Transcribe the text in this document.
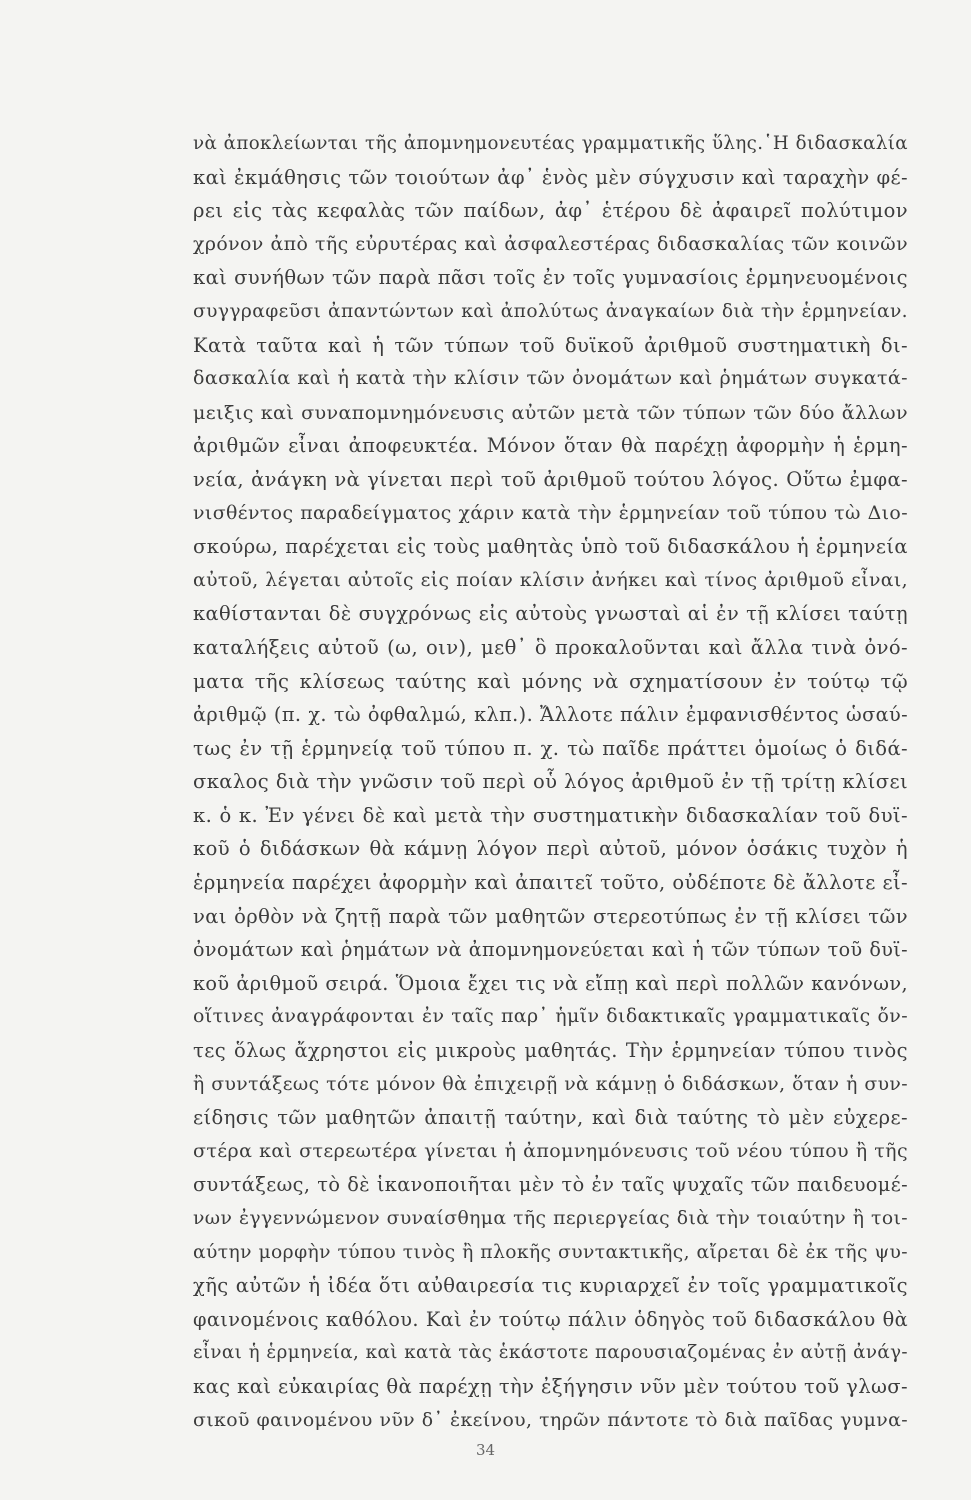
νὰ ἀποκλείωνται τῆς ἀπομνημονευτέας γραμματικῆς ὕλης.῾Η διδασκαλία
καὶ ἐκμάθησις τῶν τοιούτων ἀφ᾽ ἑνὸς μὲν σύγχυσιν καὶ ταραχὴν φέ-
ρει εἰς τὰς κεφαλὰς τῶν παίδων, ἀφ᾽ ἑτέρου δὲ ἀφαιρεῖ πολύτιμον
χρόνον ἀπὸ τῆς εὐρυτέρας καὶ ἀσφαλεστέρας διδασκαλίας τῶν κοινῶν
καὶ συνήθων τῶν παρὰ πᾶσι τοῖς ἐν τοῖς γυμνασίοις ἑρμηνευομένοις
συγγραφεῦσι ἀπαντώντων καὶ ἀπολύτως ἀναγκαίων διὰ τὴν ἑρμηνείαν.
Κατὰ ταῦτα καὶ ἡ τῶν τύπων τοῦ δυϊκοῦ ἀριθμοῦ συστηματικὴ δι-
δασκαλία καὶ ἡ κατὰ τὴν κλίσιν τῶν ὀνομάτων καὶ ῥημάτων συγκατά-
μειξις καὶ συναπομνημόνευσις αὐτῶν μετὰ τῶν τύπων τῶν δύο ἄλλων
ἀριθμῶν εἶναι ἀποφευκτέα. Μόνον ὅταν θὰ παρέχῃ ἀφορμὴν ἡ ἑρμη-
νεία, ἀνάγκη νὰ γίνεται περὶ τοῦ ἀριθμοῦ τούτου λόγος. Οὕτω ἐμφα-
νισθέντος παραδείγματος χάριν κατὰ τὴν ἑρμηνείαν τοῦ τύπου τὼ Διο-
σκούρω, παρέχεται εἰς τοὺς μαθητὰς ὑπὸ τοῦ διδασκάλου ἡ ἑρμηνεία
αὐτοῦ, λέγεται αὐτοῖς εἰς ποίαν κλίσιν ἀνήκει καὶ τίνος ἀριθμοῦ εἶναι,
καθίστανται δὲ συγχρόνως εἰς αὐτοὺς γνωσταὶ αἱ ἐν τῇ κλίσει ταύτῃ
καταλήξεις αὐτοῦ (ω, οιν), μεθ᾽ ὃ προκαλοῦνται καὶ ἄλλα τινὰ ὀνό-
ματα τῆς κλίσεως ταύτης καὶ μόνης νὰ σχηματίσουν ἐν τούτῳ τῷ
ἀριθμῷ (π. χ. τὼ ὀφθαλμώ, κλπ.). Ἄλλοτε πάλιν ἐμφανισθέντος ὡσαύ-
τως ἐν τῇ ἑρμηνείᾳ τοῦ τύπου π. χ. τὼ παῖδε πράττει ὁμοίως ὁ διδά-
σκαλος διὰ τὴν γνῶσιν τοῦ περὶ οὗ λόγος ἀριθμοῦ ἐν τῇ τρίτῃ κλίσει
κ. ὁ κ. Ἐν γένει δὲ καὶ μετὰ τὴν συστηματικὴν διδασκαλίαν τοῦ δυϊ-
κοῦ ὁ διδάσκων θὰ κάμνῃ λόγον περὶ αὐτοῦ, μόνον ὁσάκις τυχὸν ἡ
ἑρμηνεία παρέχει ἀφορμὴν καὶ ἀπαιτεῖ τοῦτο, οὐδέποτε δὲ ἄλλοτε εἶ-
ναι ὀρθὸν νὰ ζητῇ παρὰ τῶν μαθητῶν στερεοτύπως ἐν τῇ κλίσει τῶν
ὀνομάτων καὶ ῥημάτων νὰ ἀπομνημονεύεται καὶ ἡ τῶν τύπων τοῦ δυϊ-
κοῦ ἀριθμοῦ σειρά. Ὅμοια ἔχει τις νὰ εἴπῃ καὶ περὶ πολλῶν κανόνων,
οἵτινες ἀναγράφονται ἐν ταῖς παρ᾽ ἡμῖν διδακτικαῖς γραμματικαῖς ὄν-
τες ὅλως ἄχρηστοι εἰς μικροὺς μαθητάς. Τὴν ἑρμηνείαν τύπου τινὸς
ἢ συντάξεως τότε μόνον θὰ ἐπιχειρῇ νὰ κάμνῃ ὁ διδάσκων, ὅταν ἡ συν-
είδησις τῶν μαθητῶν ἀπαιτῇ ταύτην, καὶ διὰ ταύτης τὸ μὲν εὐχερε-
στέρα καὶ στερεωτέρα γίνεται ἡ ἀπομνημόνευσις τοῦ νέου τύπου ἢ τῆς
συντάξεως, τὸ δὲ ἱκανοποιῆται μὲν τὸ ἐν ταῖς ψυχαῖς τῶν παιδευομέ-
νων ἐγγεννώμενον συναίσθημα τῆς περιεργείας διὰ τὴν τοιαύτην ἢ τοι-
αύτην μορφὴν τύπου τινὸς ἢ πλοκῆς συντακτικῆς, αἴρεται δὲ ἐκ τῆς ψυ-
χῆς αὐτῶν ἡ ἰδέα ὅτι αὐθαιρεσία τις κυριαρχεῖ ἐν τοῖς γραμματικοῖς
φαινομένοις καθόλου. Καὶ ἐν τούτῳ πάλιν ὁδηγὸς τοῦ διδασκάλου θὰ
εἶναι ἡ ἑρμηνεία, καὶ κατὰ τὰς ἑκάστοτε παρουσιαζομένας ἐν αὐτῇ ἀνάγ-
κας καὶ εὐκαιρίας θὰ παρέχῃ τὴν ἐξήγησιν νῦν μὲν τούτου τοῦ γλωσ-
σικοῦ φαινομένου νῦν δ᾽ ἐκείνου, τηρῶν πάντοτε τὸ διὰ παῖδας γυμνα-
34
